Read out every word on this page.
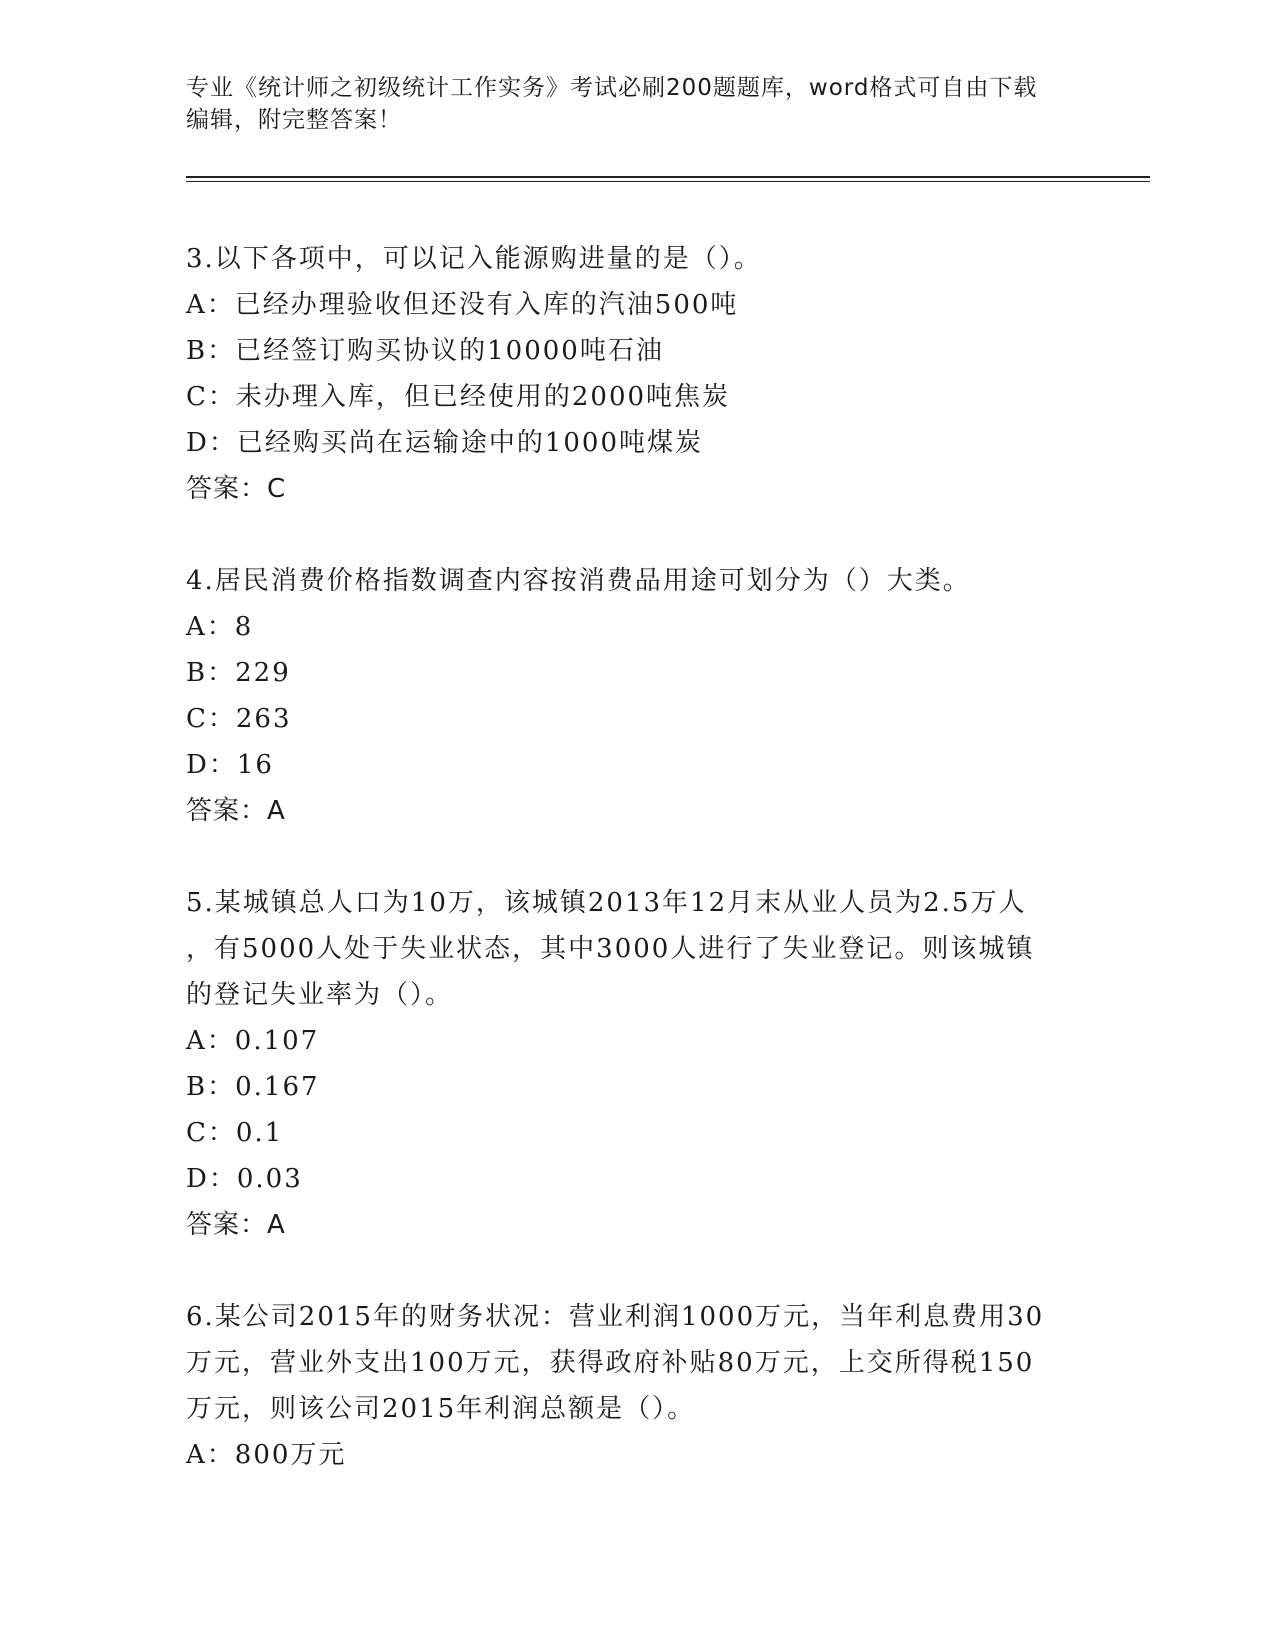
专业《统计师之初级统计工作实务》考试必刷200题题库，word格式可自由下载
编辑，附完整答案！
3.以下各项中，可以记入能源购进量的是（）。
A：已经办理验收但还没有入库的汽油500吨
B：已经签订购买协议的10000吨石油
C：未办理入库，但已经使用的2000吨焦炭
D：已经购买尚在运输途中的1000吨煤炭
答案：C
4.居民消费价格指数调查内容按消费品用途可划分为（）大类。
A：8
B：229
C：263
D：16
答案：A
5.某城镇总人口为10万，该城镇2013年12月末从业人员为2.5万人
，有5000人处于失业状态，其中3000人进行了失业登记。则该城镇
的登记失业率为（）。
A：0.107
B：0.167
C：0.1
D：0.03
答案：A
6.某公司2015年的财务状况：营业利润1000万元，当年利息费用30
万元，营业外支出100万元，获得政府补贴80万元，上交所得税150
万元，则该公司2015年利润总额是（）。
A：800万元
